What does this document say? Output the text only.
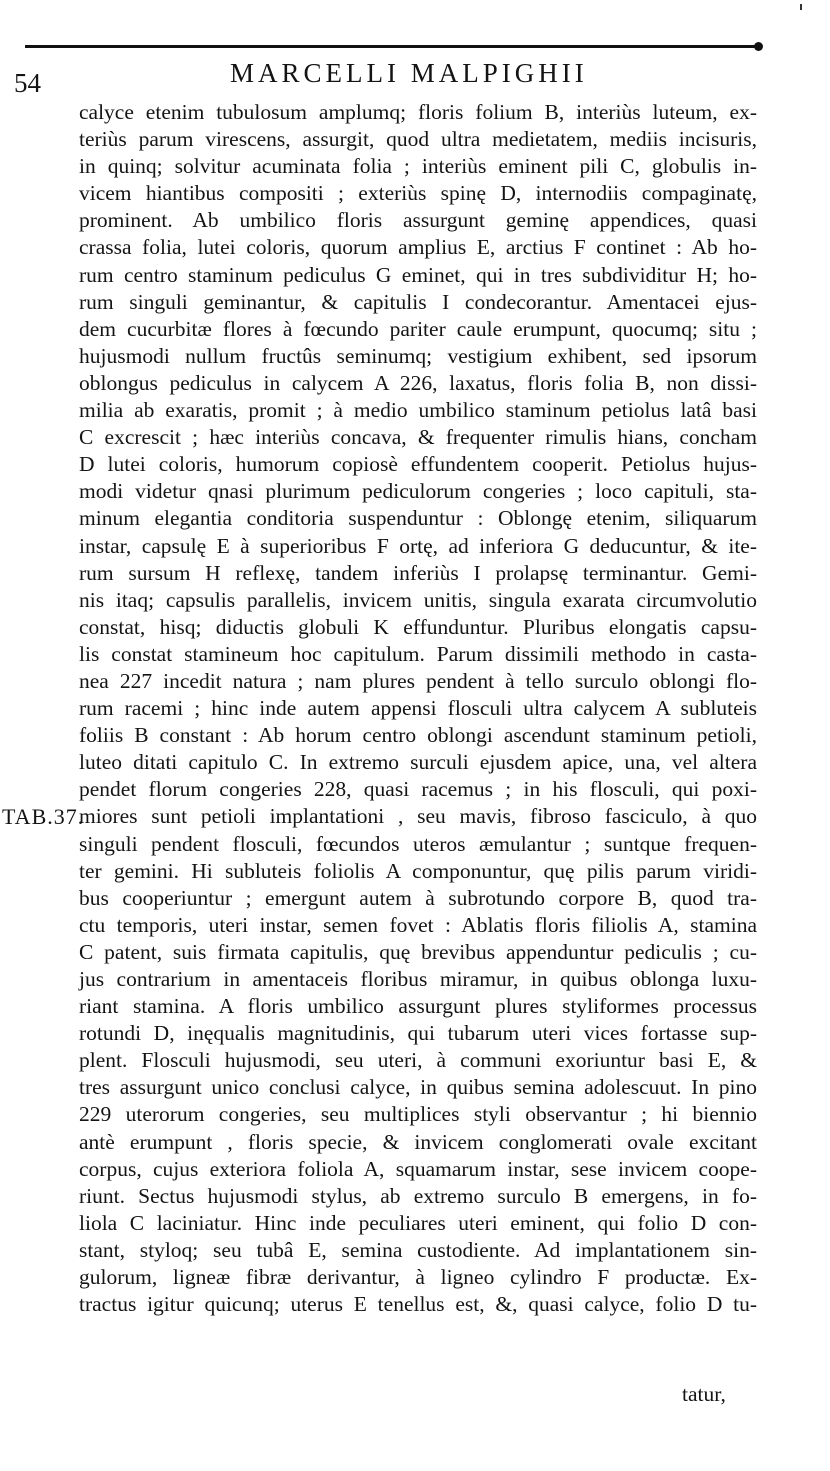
54	MARCELLI MALPIGHII
TAB.37.
calyce etenim tubulosum amplumq; floris folium B, interiùs luteum, ex-
teriùs parum virescens, assurgit, quod ultra medietatem, mediis incisuris,
in quinq; solvitur acuminata folia ; interiùs eminent pili C, globulis in-
vicem hiantibus compositi ; exteriùs spinę D, internodiis compaginatę,
prominent. Ab umbilico floris assurgunt geminę appendices, quasi
crassa folia, lutei coloris, quorum amplius E, arctius F continet : Ab ho-
rum centro staminum pediculus G eminet, qui in tres subdividitur H; ho-
rum singuli geminantur, & capitulis I condecorantur. Amentacei ejus-
dem cucurbitæ flores à fœcundo pariter caule erumpunt, quocumq; situ ;
hujusmodi nullum fructûs seminumq; vestigium exhibent, sed ipsorum
oblongus pediculus in calycem A 226, laxatus, floris folia B, non dissi-
milia ab exaratis, promit ; à medio umbilico staminum petiolus latâ basi
C excrescit ; hæc interiùs concava, & frequenter rimulis hians, concham
D lutei coloris, humorum copiosè effundentem cooperit. Petiolus hujus-
modi videtur qnasi plurimum pediculorum congeries ; loco capituli, sta-
minum elegantia conditoria suspenduntur : Oblongę etenim, siliquarum
instar, capsulę E à superioribus F ortę, ad inferiora G deducuntur, & ite-
rum sursum H reflexę, tandem inferiùs I prolapsę terminantur. Gemi-
nis itaq; capsulis parallelis, invicem unitis, singula exarata circumvolutio
constat, hisq; diductis globuli K effunduntur. Pluribus elongatis capsu-
lis constat stamineum hoc capitulum. Parum dissimili methodo in casta-
nea 227 incedit natura ; nam plures pendent à tello surculo oblongi flo-
rum racemi ; hinc inde autem appensi flosculi ultra calycem A subluteis
foliis B constant : Ab horum centro oblongi ascendunt staminum petioli,
luteo ditati capitulo C. In extremo surculi ejusdem apice, una, vel altera
pendet florum congeries 228, quasi racemus ; in his flosculi, qui poxi-
miores sunt petioli implantationi , seu mavis, fibroso fasciculo, à quo
singuli pendent flosculi, fœcundos uteros æmulantur ; suntque frequen-
ter gemini. Hi subluteis foliolis A componuntur, quę pilis parum viridi-
bus cooperiuntur ; emergunt autem à subrotundo corpore B, quod tra-
ctu temporis, uteri instar, semen fovet : Ablatis floris filiolis A, stamina
C patent, suis firmata capitulis, quę brevibus appenduntur pediculis ; cu-
jus contrarium in amentaceis floribus miramur, in quibus oblonga luxu-
riant stamina. A floris umbilico assurgunt plures styliformes processus
rotundi D, inęqualis magnitudinis, qui tubarum uteri vices fortasse sup-
plent. Flosculi hujusmodi, seu uteri, à communi exoriuntur basi E, &
tres assurgunt unico conclusi calyce, in quibus semina adolescuut. In pino
229 uterorum congeries, seu multiplices styli observantur ; hi biennio
antè erumpunt , floris specie, & invicem conglomerati ovale excitant
corpus, cujus exteriora foliola A, squamarum instar, sese invicem coope-
riunt. Sectus hujusmodi stylus, ab extremo surculo B emergens, in fo-
liola C laciniatur. Hinc inde peculiares uteri eminent, qui folio D con-
stant, styloq; seu tubâ E, semina custodiente. Ad implantationem sin-
gulorum, ligneæ fibræ derivantur, à ligneo cylindro F productæ. Ex-
tractus igitur quicunq; uterus E tenellus est, &, quasi calyce, folio D tu-
tatur,
